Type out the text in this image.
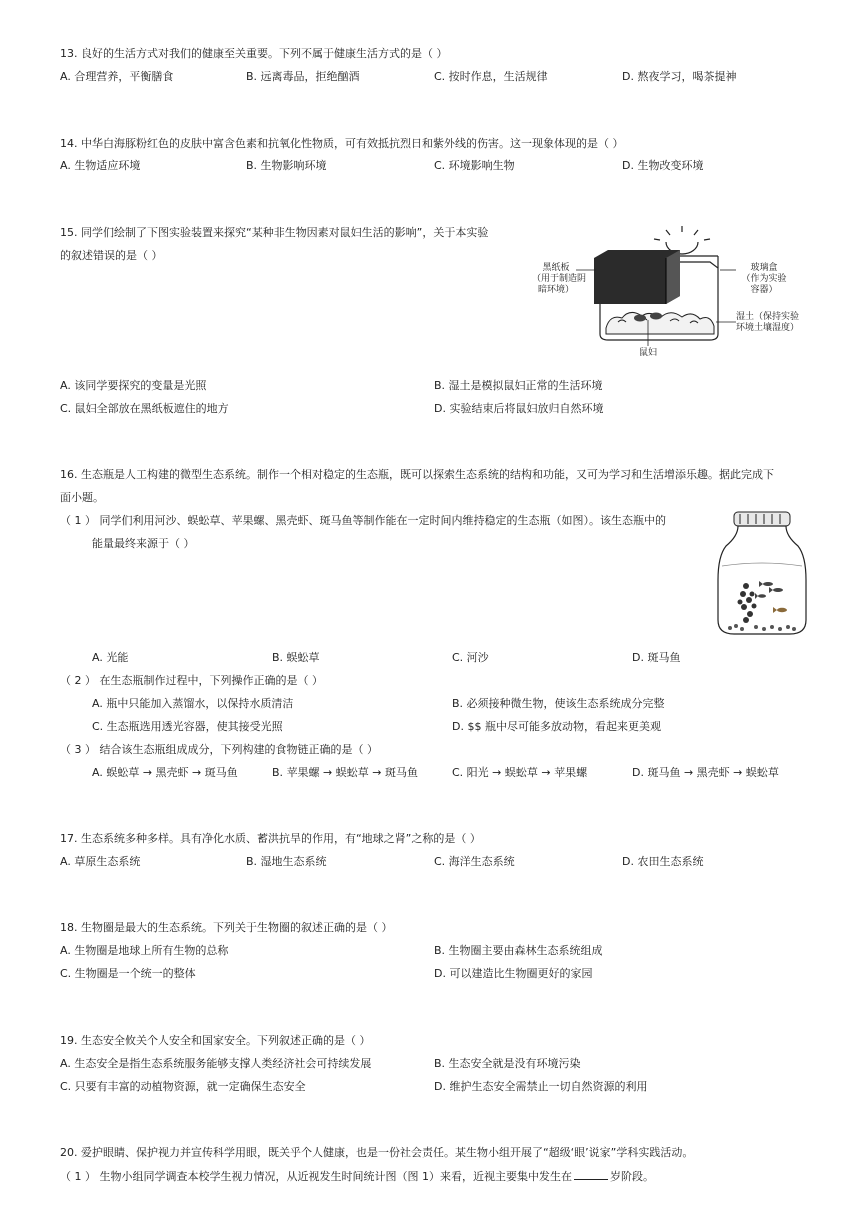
13. 良好的生活方式对我们的健康至关重要。下列不属于健康生活方式的是（ ）
A. 合理营养，平衡膳食	B. 远离毒品，拒绝酗酒	C. 按时作息，生活规律	D. 熬夜学习，喝茶提神
14. 中华白海豚粉红色的皮肤中富含色素和抗氧化性物质，可有效抵抗烈日和紫外线的伤害。这一现象体现的是（ ）
A. 生物适应环境	B. 生物影响环境	C. 环境影响生物	D. 生物改变环境
15. 同学们绘制了下图实验装置来探究“某种非生物因素对鼠妇生活的影响”，关于本实验
的叙述错误的是（ ）
黑纸板
（用于制造阴
暗环境）
玻璃盒
（作为实验
容器）
湿土（保持实验
环境土壤湿度）
鼠妇
A. 该同学要探究的变量是光照	B. 湿土是模拟鼠妇正常的生活环境
C. 鼠妇全部放在黑纸板遮住的地方	D. 实验结束后将鼠妇放归自然环境
16. 生态瓶是人工构建的微型生态系统。制作一个相对稳定的生态瓶，既可以探索生态系统的结构和功能，又可为学习和生活增添乐趣。据此完成下
面小题。
（ 1 ） 同学们利用河沙、蜈蚣草、苹果螺、黑壳虾、斑马鱼等制作能在一定时间内维持稳定的生态瓶（如图）。该生态瓶中的
能量最终来源于（ ）
A. 光能	B. 蜈蚣草	C. 河沙	D. 斑马鱼
（ 2 ） 在生态瓶制作过程中，下列操作正确的是（ ）
A. 瓶中只能加入蒸馏水，以保持水质清洁	B. 必须接种微生物，使该生态系统成分完整
C. 生态瓶选用透光容器，使其接受光照	D. $$ 瓶中尽可能多放动物，看起来更美观
（ 3 ） 结合该生态瓶组成成分，下列构建的食物链正确的是（ ）
A. 蜈蚣草 → 黑壳虾 → 斑马鱼	B. 苹果螺 → 蜈蚣草 → 斑马鱼	C. 阳光 → 蜈蚣草 → 苹果螺	D. 斑马鱼 → 黑壳虾 → 蜈蚣草
17. 生态系统多种多样。具有净化水质、蓄洪抗旱的作用，有“地球之肾”之称的是（ ）
A. 草原生态系统	B. 湿地生态系统	C. 海洋生态系统	D. 农田生态系统
18. 生物圈是最大的生态系统。下列关于生物圈的叙述正确的是（ ）
A. 生物圈是地球上所有生物的总称	B. 生物圈主要由森林生态系统组成
C. 生物圈是一个统一的整体	D. 可以建造比生物圈更好的家园
19. 生态安全攸关个人安全和国家安全。下列叙述正确的是（ ）
A. 生态安全是指生态系统服务能够支撑人类经济社会可持续发展	B. 生态安全就是没有环境污染
C. 只要有丰富的动植物资源，就一定确保生态安全	D. 维护生态安全需禁止一切自然资源的利用
20. 爱护眼睛、保护视力并宣传科学用眼，既关乎个人健康，也是一份社会责任。某生物小组开展了“超级‘眼’说家”学科实践活动。
（ 1 ） 生物小组同学调查本校学生视力情况，从近视发生时间统计图（图 1）来看，近视主要集中发生在	岁阶段。
